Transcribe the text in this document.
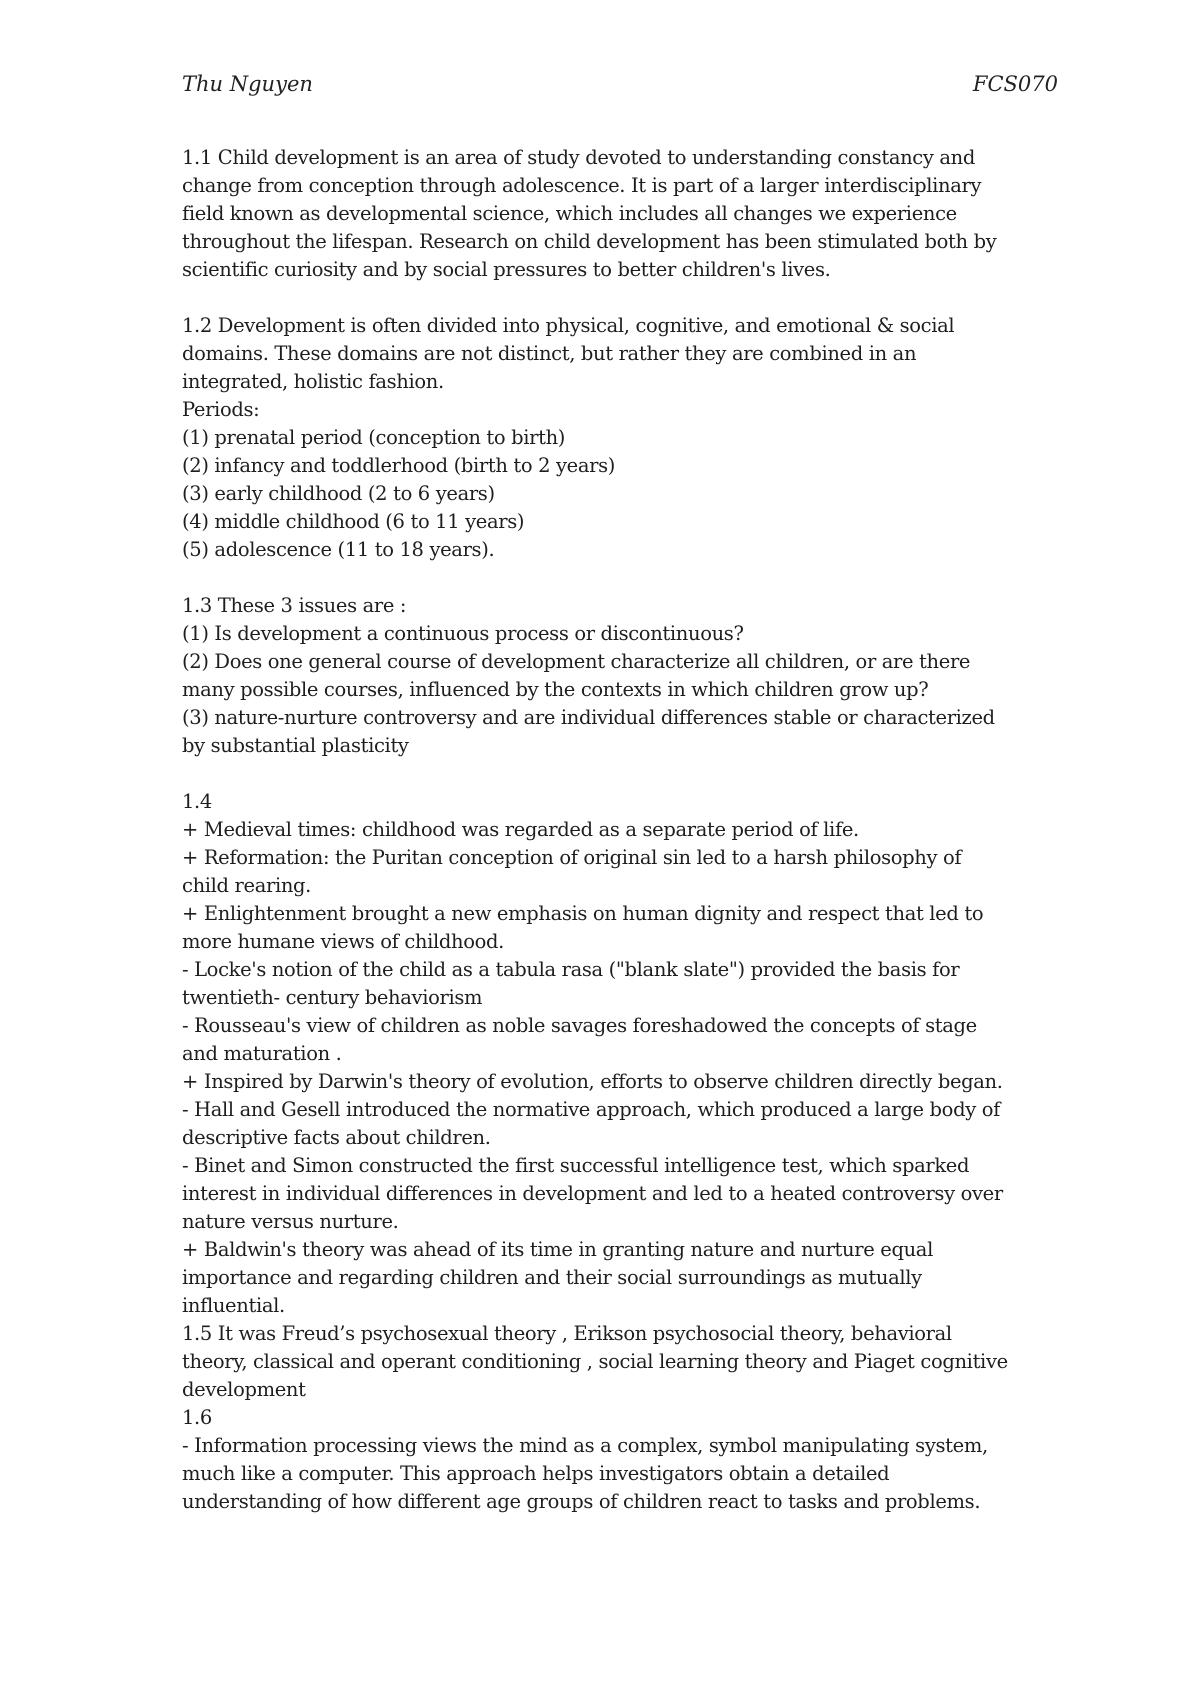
Thu Nguyen	FCS070
1.1 Child development is an area of study devoted to understanding constancy and
change from conception through adolescence. It is part of a larger interdisciplinary
field known as developmental science, which includes all changes we experience
throughout the lifespan. Research on child development has been stimulated both by
scientific curiosity and by social pressures to better children's lives.
1.2 Development is often divided into physical, cognitive, and emotional & social
domains. These domains are not distinct, but rather they are combined in an
integrated, holistic fashion.
Periods:
(1) prenatal period (conception to birth)
(2) infancy and toddlerhood (birth to 2 years)
(3) early childhood (2 to 6 years)
(4) middle childhood (6 to 11 years)
(5) adolescence (11 to 18 years).
1.3 These 3 issues are :
(1) Is development a continuous process or discontinuous?
(2) Does one general course of development characterize all children, or are there
many possible courses, influenced by the contexts in which children grow up?
(3) nature-nurture controversy and are individual differences stable or characterized
by substantial plasticity
1.4
+ Medieval times: childhood was regarded as a separate period of life.
+ Reformation: the Puritan conception of original sin led to a harsh philosophy of
child rearing.
+ Enlightenment brought a new emphasis on human dignity and respect that led to
more humane views of childhood.
- Locke's notion of the child as a tabula rasa ("blank slate") provided the basis for
twentieth- century behaviorism
- Rousseau's view of children as noble savages foreshadowed the concepts of stage
and maturation .
+ Inspired by Darwin's theory of evolution, efforts to observe children directly began.
- Hall and Gesell introduced the normative approach, which produced a large body of
descriptive facts about children.
- Binet and Simon constructed the first successful intelligence test, which sparked
interest in individual differences in development and led to a heated controversy over
nature versus nurture.
+ Baldwin's theory was ahead of its time in granting nature and nurture equal
importance and regarding children and their social surroundings as mutually
influential.
1.5 It was Freud’s psychosexual theory , Erikson psychosocial theory, behavioral
theory, classical and operant conditioning , social learning theory and Piaget cognitive
development
1.6
- Information processing views the mind as a complex, symbol manipulating system,
much like a computer. This approach helps investigators obtain a detailed
understanding of how different age groups of children react to tasks and problems.
